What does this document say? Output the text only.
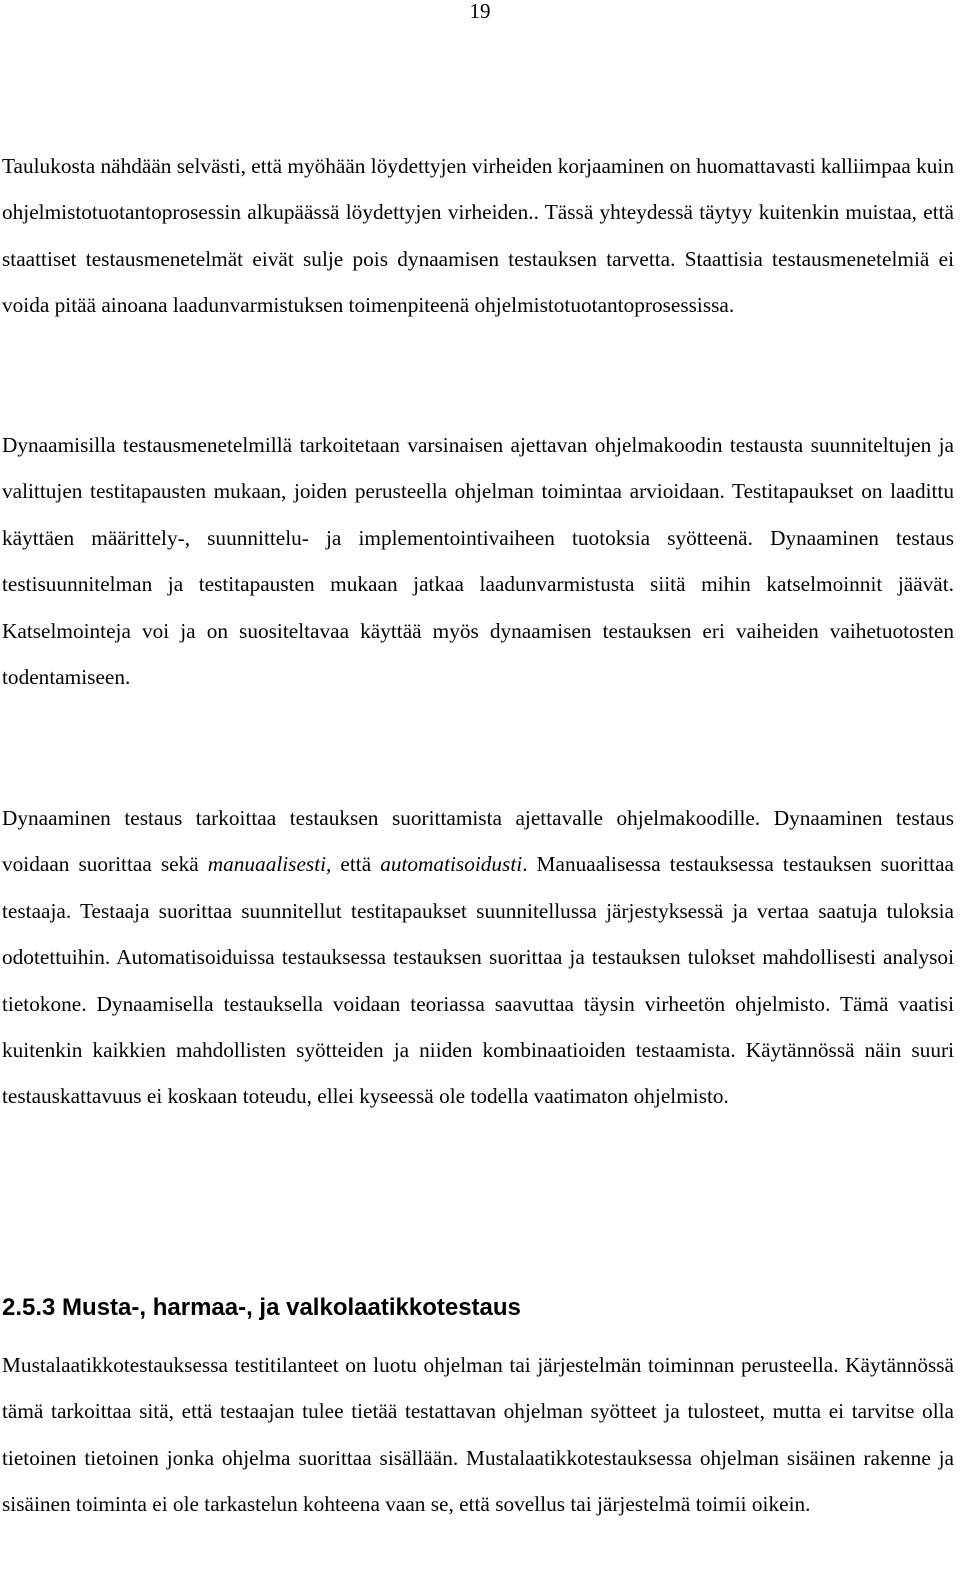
19

Taulukosta nähdään selvästi, että myöhään löydettyjen virheiden korjaaminen on huomattavasti kalliimpaa kuin ohjelmistotuotantoprosessin alkupäässä löydettyjen virheiden.. Tässä yhteydessä täytyy kuitenkin muistaa, että staattiset testausmenetelmät eivät sulje pois dynaamisen testauksen tarvetta. Staattisia testausmenetelmiä ei voida pitää ainoana laadunvarmistuksen toimenpiteenä ohjelmistotuotantoprosessissa.

Dynaamisilla testausmenetelmillä tarkoitetaan varsinaisen ajettavan ohjelmakoodin testausta suunniteltujen ja valittujen testitapausten mukaan, joiden perusteella ohjelman toimintaa arvioidaan. Testitapaukset on laadittu käyttäen määrittely-, suunnittelu- ja implementointivaiheen tuotoksia syötteenä. Dynaaminen testaus testisuunnitelman ja testitapausten mukaan jatkaa laadunvarmistusta siitä mihin katselmoinnit jäävät. Katselmointeja voi ja on suositeltavaa käyttää myös dynaamisen testauksen eri vaiheiden vaihetuotosten todentamiseen.

Dynaaminen testaus tarkoittaa testauksen suorittamista ajettavalle ohjelmakoodille. Dynaaminen testaus voidaan suorittaa sekä manuaalisesti, että automatisoidusti. Manuaalisessa testauksessa testauksen suorittaa testaaja. Testaaja suorittaa suunnitellut testitapaukset suunnitellussa järjestyksessä ja vertaa saatuja tuloksia odotettuihin. Automatisoiduissa testauksessa testauksen suorittaa ja testauksen tulokset mahdollisesti analysoi tietokone. Dynaamisella testauksella voidaan teoriassa saavuttaa täysin virheetön ohjelmisto. Tämä vaatisi kuitenkin kaikkien mahdollisten syötteiden ja niiden kombinaatioiden testaamista. Käytännössä näin suuri testauskattavuus ei koskaan toteudu, ellei kyseessä ole todella vaatimaton ohjelmisto.

2.5.3 Musta-, harmaa-, ja valkolaatikkotestaus

Mustalaatikkotestauksessa testitilanteet on luotu ohjelman tai järjestelmän toiminnan perusteella. Käytännössä tämä tarkoittaa sitä, että testaajan tulee tietää testattavan ohjelman syötteet ja tulosteet, mutta ei tarvitse olla tietoinen tietoinen jonka ohjelma suorittaa sisällään. Mustalaatikkotestauksessa ohjelman sisäinen rakenne ja sisäinen toiminta ei ole tarkastelun kohteena vaan se, että sovellus tai järjestelmä toimii oikein.
